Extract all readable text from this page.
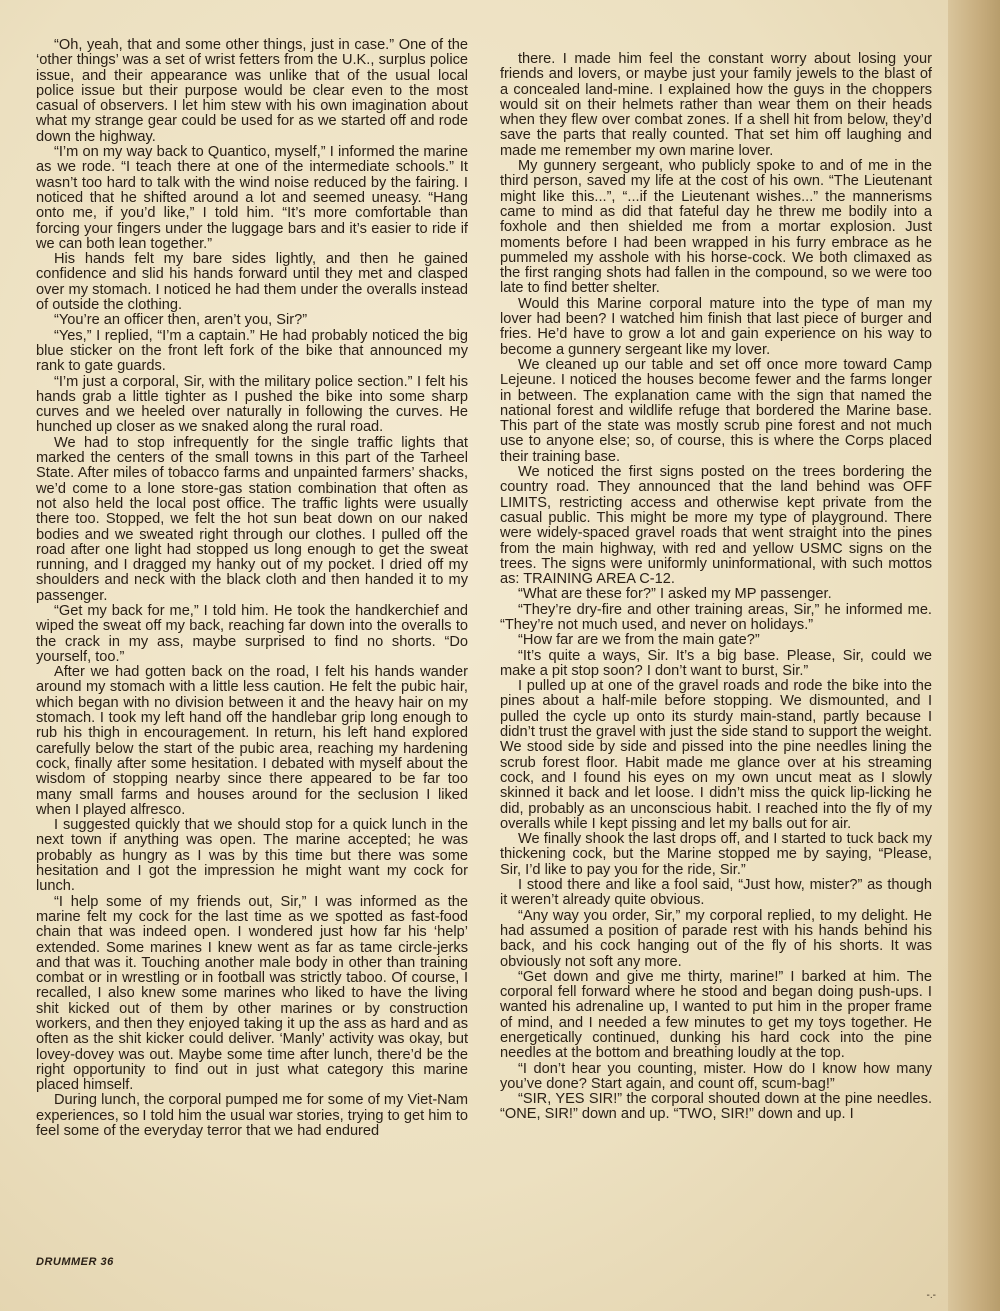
“Oh, yeah, that and some other things, just in case.” One of the ‘other things’ was a set of wrist fetters from the U.K., surplus police issue, and their appearance was unlike that of the usual local police issue but their purpose would be clear even to the most casual of observers. I let him stew with his own imagination about what my strange gear could be used for as we started off and rode down the highway.

“I’m on my way back to Quantico, myself,” I informed the marine as we rode. “I teach there at one of the intermediate schools.” It wasn’t too hard to talk with the wind noise reduced by the fairing. I noticed that he shifted around a lot and seemed uneasy. “Hang onto me, if you’d like,” I told him. “It’s more comfortable than forcing your fingers under the luggage bars and it’s easier to ride if we can both lean together.”

His hands felt my bare sides lightly, and then he gained confidence and slid his hands forward until they met and clasped over my stomach. I noticed he had them under the overalls instead of outside the clothing.

“You’re an officer then, aren’t you, Sir?”

“Yes,” I replied, “I’m a captain.” He had probably noticed the big blue sticker on the front left fork of the bike that announced my rank to gate guards.

“I’m just a corporal, Sir, with the military police section.” I felt his hands grab a little tighter as I pushed the bike into some sharp curves and we heeled over naturally in following the curves. He hunched up closer as we snaked along the rural road.

We had to stop infrequently for the single traffic lights that marked the centers of the small towns in this part of the Tarheel State. After miles of tobacco farms and unpainted farmers’ shacks, we’d come to a lone store-gas station combination that often as not also held the local post office. The traffic lights were usually there too. Stopped, we felt the hot sun beat down on our naked bodies and we sweated right through our clothes. I pulled off the road after one light had stopped us long enough to get the sweat running, and I dragged my hanky out of my pocket. I dried off my shoulders and neck with the black cloth and then handed it to my passenger.

“Get my back for me,” I told him. He took the handkerchief and wiped the sweat off my back, reaching far down into the overalls to the crack in my ass, maybe surprised to find no shorts. “Do yourself, too.”

After we had gotten back on the road, I felt his hands wander around my stomach with a little less caution. He felt the pubic hair, which began with no division between it and the heavy hair on my stomach. I took my left hand off the handlebar grip long enough to rub his thigh in encouragement. In return, his left hand explored carefully below the start of the pubic area, reaching my hardening cock, finally after some hesitation. I debated with myself about the wisdom of stopping nearby since there appeared to be far too many small farms and houses around for the seclusion I liked when I played alfresco.

I suggested quickly that we should stop for a quick lunch in the next town if anything was open. The marine accepted; he was probably as hungry as I was by this time but there was some hesitation and I got the impression he might want my cock for lunch.

“I help some of my friends out, Sir,” I was informed as the marine felt my cock for the last time as we spotted as fast-food chain that was indeed open. I wondered just how far his ‘help’ extended. Some marines I knew went as far as tame circle-jerks and that was it. Touching another male body in other than training combat or in wrestling or in football was strictly taboo. Of course, I recalled, I also knew some marines who liked to have the living shit kicked out of them by other marines or by construction workers, and then they enjoyed taking it up the ass as hard and as often as the shit kicker could deliver. ‘Manly’ activity was okay, but lovey-dovey was out. Maybe some time after lunch, there’d be the right opportunity to find out in just what category this marine placed himself.

During lunch, the corporal pumped me for some of my Viet-Nam experiences, so I told him the usual war stories, trying to get him to feel some of the everyday terror that we had endured

there. I made him feel the constant worry about losing your friends and lovers, or maybe just your family jewels to the blast of a concealed land-mine. I explained how the guys in the choppers would sit on their helmets rather than wear them on their heads when they flew over combat zones. If a shell hit from below, they’d save the parts that really counted. That set him off laughing and made me remember my own marine lover.

My gunnery sergeant, who publicly spoke to and of me in the third person, saved my life at the cost of his own. “The Lieutenant might like this...”, “...if the Lieutenant wishes...” the mannerisms came to mind as did that fateful day he threw me bodily into a foxhole and then shielded me from a mortar explosion. Just moments before I had been wrapped in his furry embrace as he pummeled my asshole with his horse-cock. We both climaxed as the first ranging shots had fallen in the compound, so we were too late to find better shelter.

Would this Marine corporal mature into the type of man my lover had been? I watched him finish that last piece of burger and fries. He’d have to grow a lot and gain experience on his way to become a gunnery sergeant like my lover.

We cleaned up our table and set off once more toward Camp Lejeune. I noticed the houses become fewer and the farms longer in between. The explanation came with the sign that named the national forest and wildlife refuge that bordered the Marine base. This part of the state was mostly scrub pine forest and not much use to anyone else; so, of course, this is where the Corps placed their training base.

We noticed the first signs posted on the trees bordering the country road. They announced that the land behind was OFF LIMITS, restricting access and otherwise kept private from the casual public. This might be more my type of playground. There were widely-spaced gravel roads that went straight into the pines from the main highway, with red and yellow USMC signs on the trees. The signs were uniformly uninformational, with such mottos as: TRAINING AREA C-12.

“What are these for?” I asked my MP passenger.

“They’re dry-fire and other training areas, Sir,” he informed me. “They’re not much used, and never on holidays.”

“How far are we from the main gate?”

“It’s quite a ways, Sir. It’s a big base. Please, Sir, could we make a pit stop soon? I don’t want to burst, Sir.”

I pulled up at one of the gravel roads and rode the bike into the pines about a half-mile before stopping. We dismounted, and I pulled the cycle up onto its sturdy main-stand, partly because I didn’t trust the gravel with just the side stand to support the weight. We stood side by side and pissed into the pine needles lining the scrub forest floor. Habit made me glance over at his streaming cock, and I found his eyes on my own uncut meat as I slowly skinned it back and let loose. I didn’t miss the quick lip-licking he did, probably as an unconscious habit. I reached into the fly of my overalls while I kept pissing and let my balls out for air.

We finally shook the last drops off, and I started to tuck back my thickening cock, but the Marine stopped me by saying, “Please, Sir, I’d like to pay you for the ride, Sir.”

I stood there and like a fool said, “Just how, mister?” as though it weren’t already quite obvious.

“Any way you order, Sir,” my corporal replied, to my delight. He had assumed a position of parade rest with his hands behind his back, and his cock hanging out of the fly of his shorts. It was obviously not soft any more.

“Get down and give me thirty, marine!” I barked at him. The corporal fell forward where he stood and began doing push-ups. I wanted his adrenaline up, I wanted to put him in the proper frame of mind, and I needed a few minutes to get my toys together. He energetically continued, dunking his hard cock into the pine needles at the bottom and breathing loudly at the top.

“I don’t hear you counting, mister. How do I know how many you’ve done? Start again, and count off, scum-bag!”

“SIR, YES SIR!” the corporal shouted down at the pine needles. “ONE, SIR!” down and up. “TWO, SIR!” down and up. I

DRUMMER 36
-.-
